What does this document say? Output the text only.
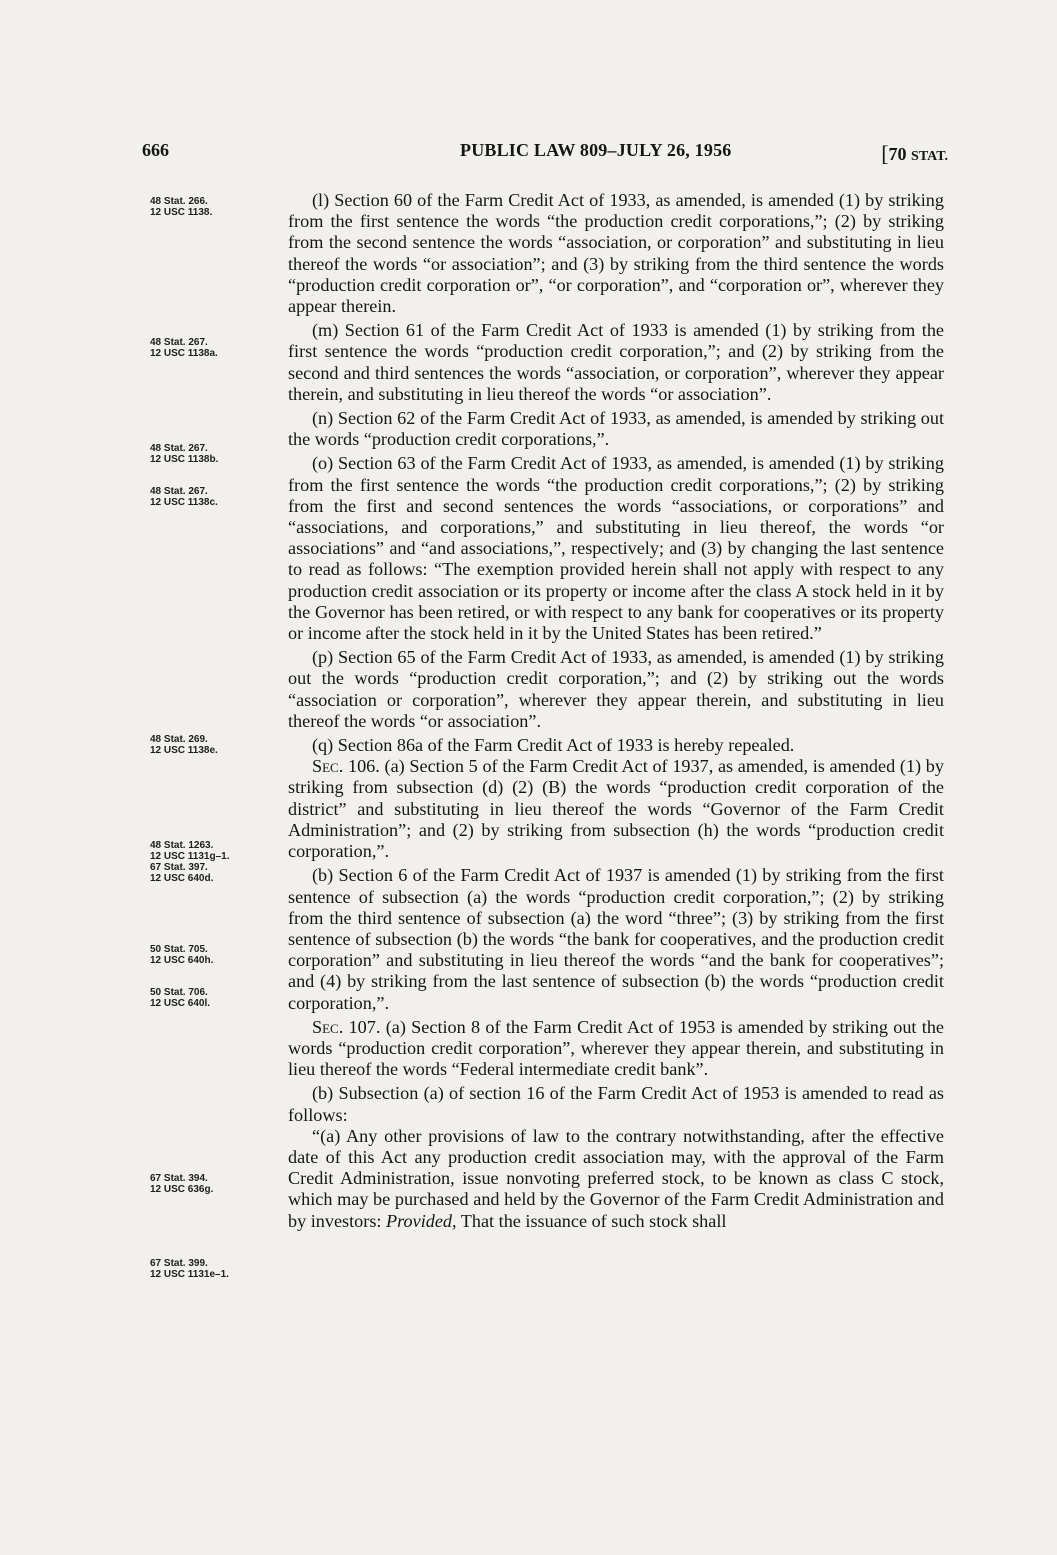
666	PUBLIC LAW 809–JULY 26, 1956	[70 STAT.
48 Stat. 266.
12 USC 1138.
48 Stat. 267.
12 USC 1138a.
48 Stat. 267.
12 USC 1138b.
48 Stat. 267.
12 USC 1138c.
48 Stat. 269.
12 USC 1138e.
48 Stat. 1263.
12 USC 1131g–1.
67 Stat. 397.
12 USC 640d.
50 Stat. 705.
12 USC 640h.
50 Stat. 706.
12 USC 640l.
67 Stat. 394.
12 USC 636g.
67 Stat. 399.
12 USC 1131e–1.

(l) Section 60 of the Farm Credit Act of 1933, as amended, is amended (1) by striking from the first sentence the words “the production credit corporations,”; (2) by striking from the second sentence the words “association, or corporation” and substituting in lieu thereof the words “or association”; and (3) by striking from the third sentence the words “production credit corporation or”, “or corporation”, and “corporation or”, wherever they appear therein.

(m) Section 61 of the Farm Credit Act of 1933 is amended (1) by striking from the first sentence the words “production credit corporation,”; and (2) by striking from the second and third sentences the words “association, or corporation”, wherever they appear therein, and substituting in lieu thereof the words “or association”.

(n) Section 62 of the Farm Credit Act of 1933, as amended, is amended by striking out the words “production credit corporations,”.

(o) Section 63 of the Farm Credit Act of 1933, as amended, is amended (1) by striking from the first sentence the words “the production credit corporations,”; (2) by striking from the first and second sentences the words “associations, or corporations” and “associations, and corporations,” and substituting in lieu thereof, the words “or associations” and “and associations,”, respectively; and (3) by changing the last sentence to read as follows: “The exemption provided herein shall not apply with respect to any production credit association or its property or income after the class A stock held in it by the Governor has been retired, or with respect to any bank for cooperatives or its property or income after the stock held in it by the United States has been retired.”

(p) Section 65 of the Farm Credit Act of 1933, as amended, is amended (1) by striking out the words “production credit corporation,”; and (2) by striking out the words “association or corporation”, wherever they appear therein, and substituting in lieu thereof the words “or association”.

(q) Section 86a of the Farm Credit Act of 1933 is hereby repealed.

Sec. 106. (a) Section 5 of the Farm Credit Act of 1937, as amended, is amended (1) by striking from subsection (d) (2) (B) the words “production credit corporation of the district” and substituting in lieu thereof the words “Governor of the Farm Credit Administration”; and (2) by striking from subsection (h) the words “production credit corporation,”.

(b) Section 6 of the Farm Credit Act of 1937 is amended (1) by striking from the first sentence of subsection (a) the words “production credit corporation,”; (2) by striking from the third sentence of subsection (a) the word “three”; (3) by striking from the first sentence of subsection (b) the words “the bank for cooperatives, and the production credit corporation” and substituting in lieu thereof the words “and the bank for cooperatives”; and (4) by striking from the last sentence of subsection (b) the words “production credit corporation,”.

Sec. 107. (a) Section 8 of the Farm Credit Act of 1953 is amended by striking out the words “production credit corporation”, wherever they appear therein, and substituting in lieu thereof the words “Federal intermediate credit bank”.

(b) Subsection (a) of section 16 of the Farm Credit Act of 1953 is amended to read as follows:

“(a) Any other provisions of law to the contrary notwithstanding, after the effective date of this Act any production credit association may, with the approval of the Farm Credit Administration, issue nonvoting preferred stock, to be known as class C stock, which may be purchased and held by the Governor of the Farm Credit Administration and by investors: Provided, That the issuance of such stock shall
